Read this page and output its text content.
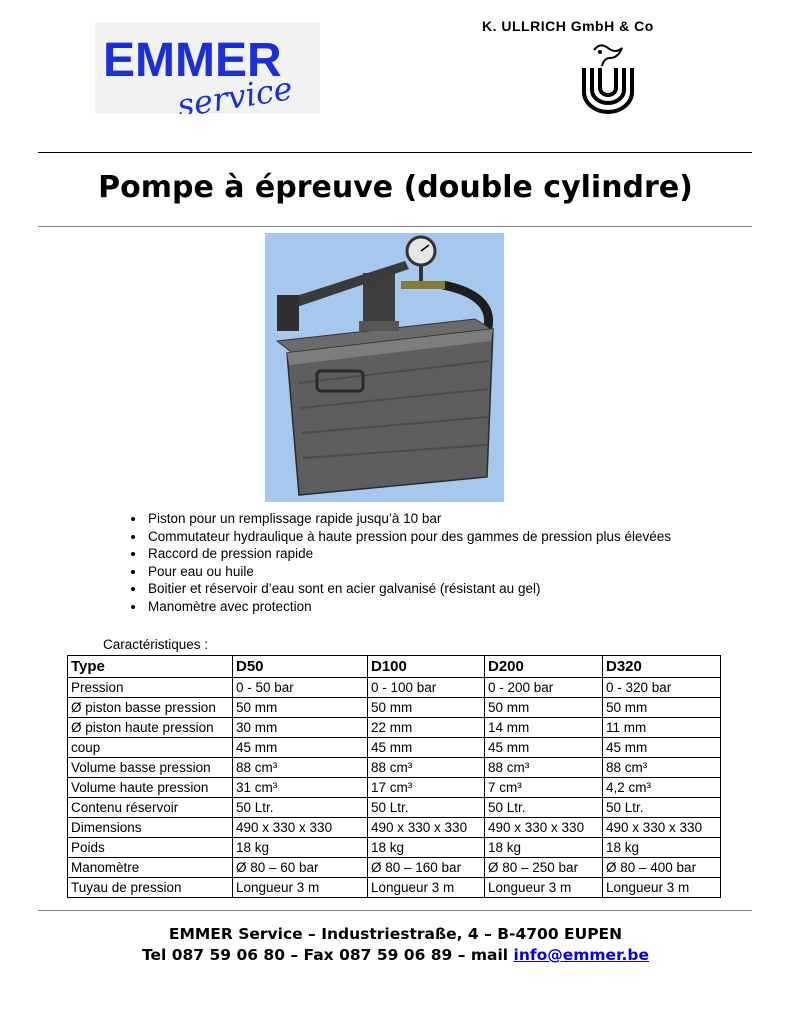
EMMER
service
K. ULLRICH GmbH & Co
Pompe à épreuve (double cylindre)
• Piston pour un remplissage rapide jusqu’à 10 bar
• Commutateur hydraulique à haute pression pour des gammes de pression plus élevées
• Raccord de pression rapide
• Pour eau ou huile
• Boitier et réservoir d’eau sont en acier galvanisé (résistant au gel)
• Manomètre avec protection
Caractéristiques :
Type	D50	D100	D200	D320
Pression	0 - 50 bar	0 - 100 bar	0 - 200 bar	0 - 320 bar
Ø piston basse pression	50 mm	50 mm	50 mm	50 mm
Ø piston haute pression	30 mm	22 mm	14 mm	11 mm
coup	45 mm	45 mm	45 mm	45 mm
Volume basse pression	88 cm³	88 cm³	88 cm³	88 cm³
Volume haute pression	31 cm³	17 cm³	7 cm³	4,2 cm³
Contenu réservoir	50 Ltr.	50 Ltr.	50 Ltr.	50 Ltr.
Dimensions	490 x 330 x 330	490 x 330 x 330	490 x 330 x 330	490 x 330 x 330
Poids	18 kg	18 kg	18 kg	18 kg
Manomètre	Ø 80 – 60 bar	Ø 80 – 160 bar	Ø 80 – 250 bar	Ø 80 – 400 bar
Tuyau de pression	Longueur 3 m	Longueur 3 m	Longueur 3 m	Longueur 3 m
EMMER Service – Industriestraße, 4 – B-4700 EUPEN
Tel 087 59 06 80 – Fax 087 59 06 89 – mail info@emmer.be
